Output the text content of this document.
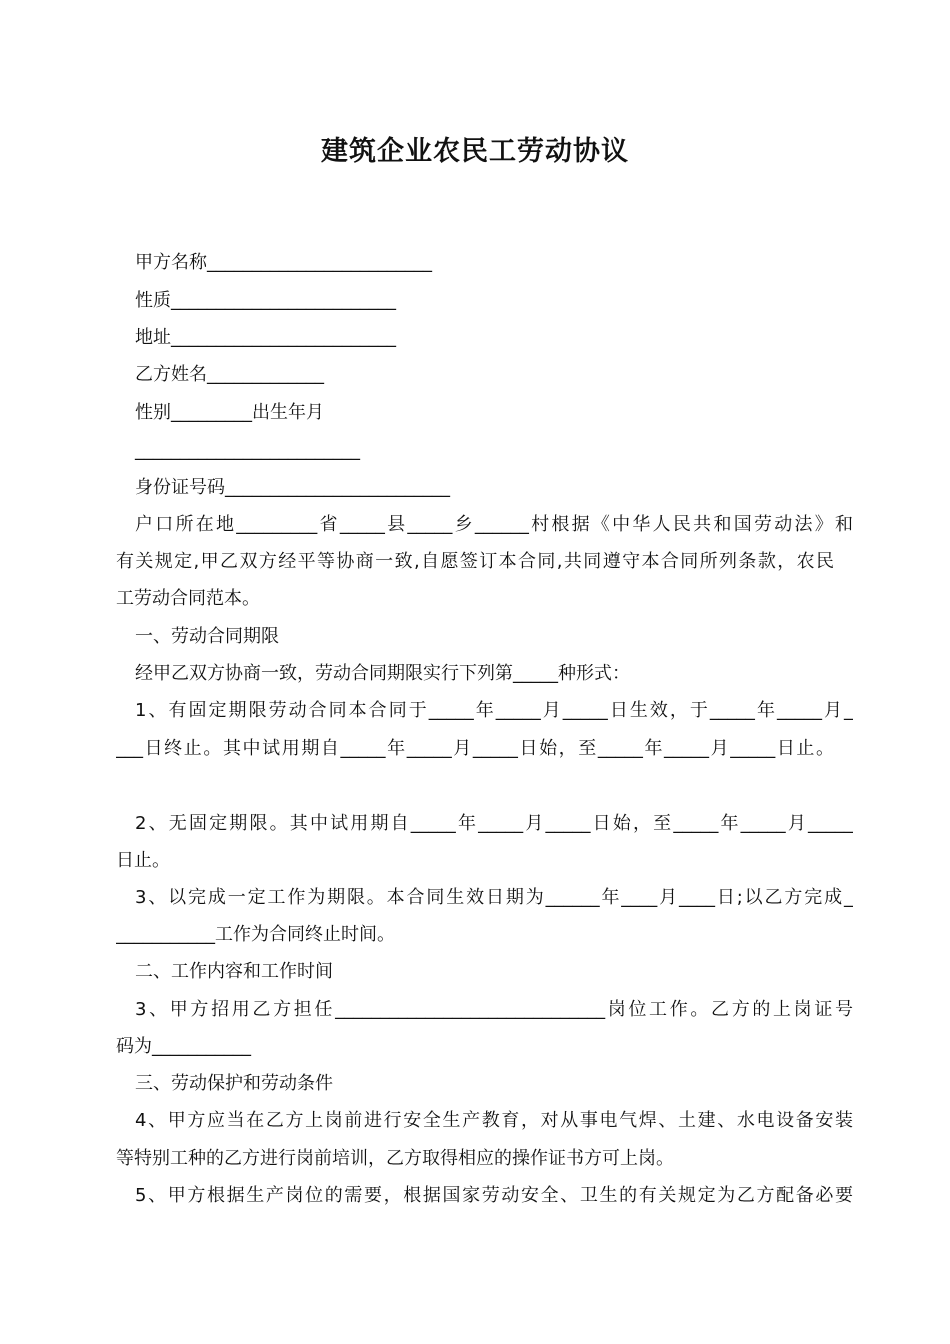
建筑企业农民工劳动协议
甲方名称_________________________
性质_________________________
地址_________________________
乙方姓名_____________
性别_________出生年月
_________________________
身份证号码_________________________
户口所在地_________省_____县_____乡______村根据《中华人民共和国劳动法》和
有关规定,甲乙双方经平等协商一致,自愿签订本合同,共同遵守本合同所列条款，农民
工劳动合同范本。
一、劳动合同期限
经甲乙双方协商一致，劳动合同期限实行下列第_____种形式：
1、有固定期限劳动合同本合同于_____年_____月_____日生效，于_____年_____月_
___日终止。其中试用期自_____年_____月_____日始，至_____年_____月_____日止。
2、无固定期限。其中试用期自_____年_____月_____日始，至_____年_____月_____
日止。
3、以完成一定工作为期限。本合同生效日期为______年____月____日;以乙方完成_
___________工作为合同终止时间。
二、工作内容和工作时间
3、甲方招用乙方担任______________________________岗位工作。乙方的上岗证号
码为___________
三、劳动保护和劳动条件
4、甲方应当在乙方上岗前进行安全生产教育，对从事电气焊、土建、水电设备安装
等特别工种的乙方进行岗前培训，乙方取得相应的操作证书方可上岗。
5、甲方根据生产岗位的需要，根据国家劳动安全、卫生的有关规定为乙方配备必要
